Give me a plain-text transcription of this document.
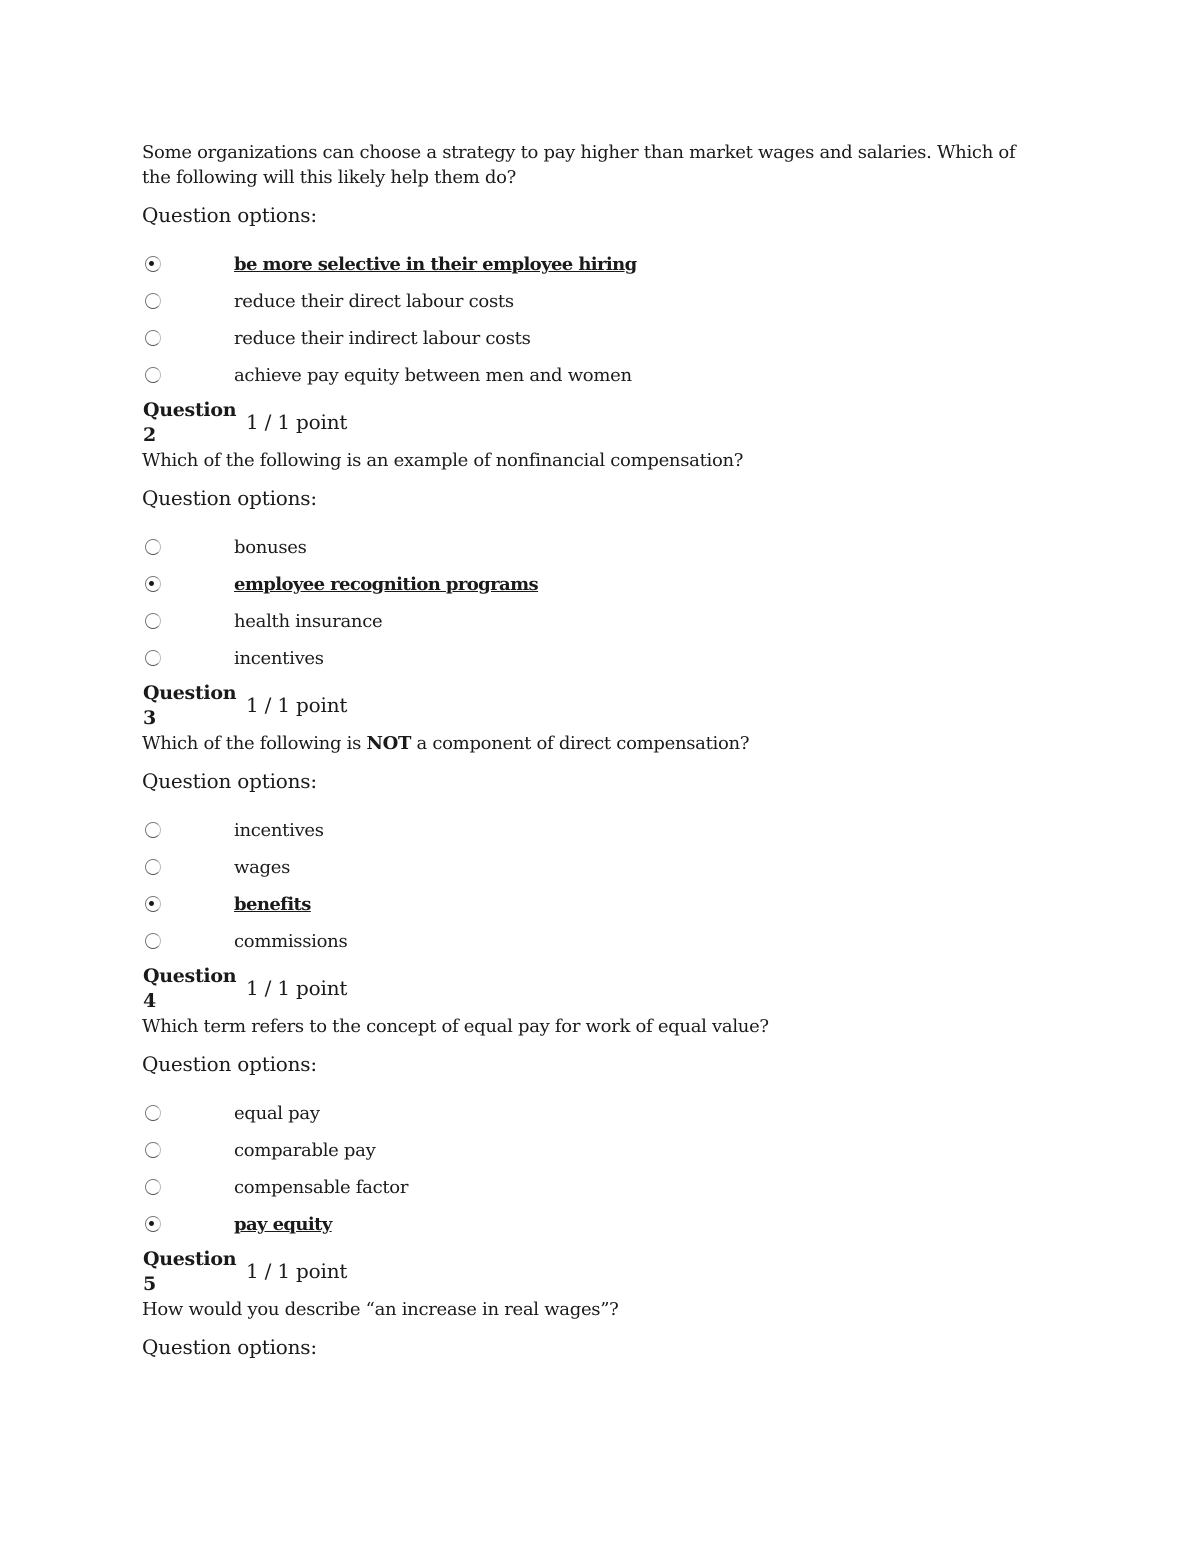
Some organizations can choose a strategy to pay higher than market wages and salaries. Which of the following will this likely help them do?

Question options:
be more selective in their employee hiring
reduce their direct labour costs
reduce their indirect labour costs
achieve pay equity between men and women
Question
2
1 / 1 point

Which of the following is an example of nonfinancial compensation?

Question options:
bonuses
employee recognition programs
health insurance
incentives
Question
3
1 / 1 point

Which of the following is NOT a component of direct compensation?

Question options:
incentives
wages
benefits
commissions
Question
4
1 / 1 point

Which term refers to the concept of equal pay for work of equal value?

Question options:
equal pay
comparable pay
compensable factor
pay equity
Question
5
1 / 1 point

How would you describe “an increase in real wages”?

Question options:
